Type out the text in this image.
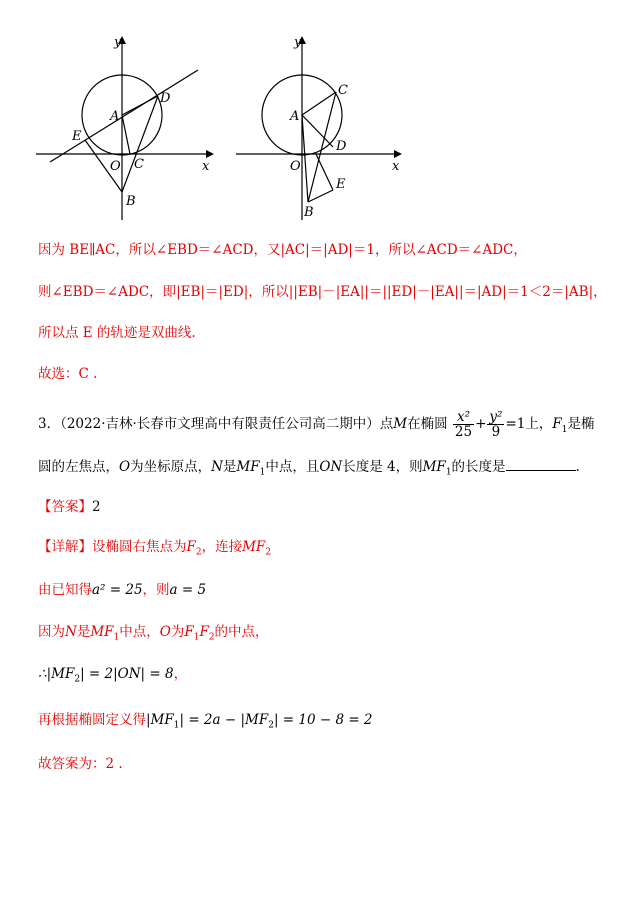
y
x
O
A
B
C
D
E
y
x
O
A
B
C
D
E
因为 BE∥AC，所以∠EBD＝∠ACD，又|AC|＝|AD|＝1，所以∠ACD＝∠ADC，
则∠EBD＝∠ADC，即|EB|＝|ED|，所以||EB|－|EA||＝||ED|－|EA||＝|AD|＝1＜2＝|AB|，
所以点 E 的轨迹是双曲线.
故选：C .
3．（2022·吉林·长春市文理高中有限责任公司高二期中）点M在椭圆 $\frac{\text{x²}}{25} + \frac{\text{y²}}{9} =1$上，$F_1$是椭
圆的左焦点，O为坐标原点，N是$MF_1$中点，且ON长度是 4，则$MF_1$的长度是	.
【答案】2
【详解】设椭圆右焦点为$F_2$，连接$MF_2$
由已知得a² = 25，则a = 5
因为N是$MF_1$中点，O为$F_1F_2$的中点，
$\therefore|MF_2| = 2|ON| = 8$，
再根据椭圆定义得$|MF_1| = 2a - |MF_2| = 10 - 8 = 2$
故答案为：2 .
